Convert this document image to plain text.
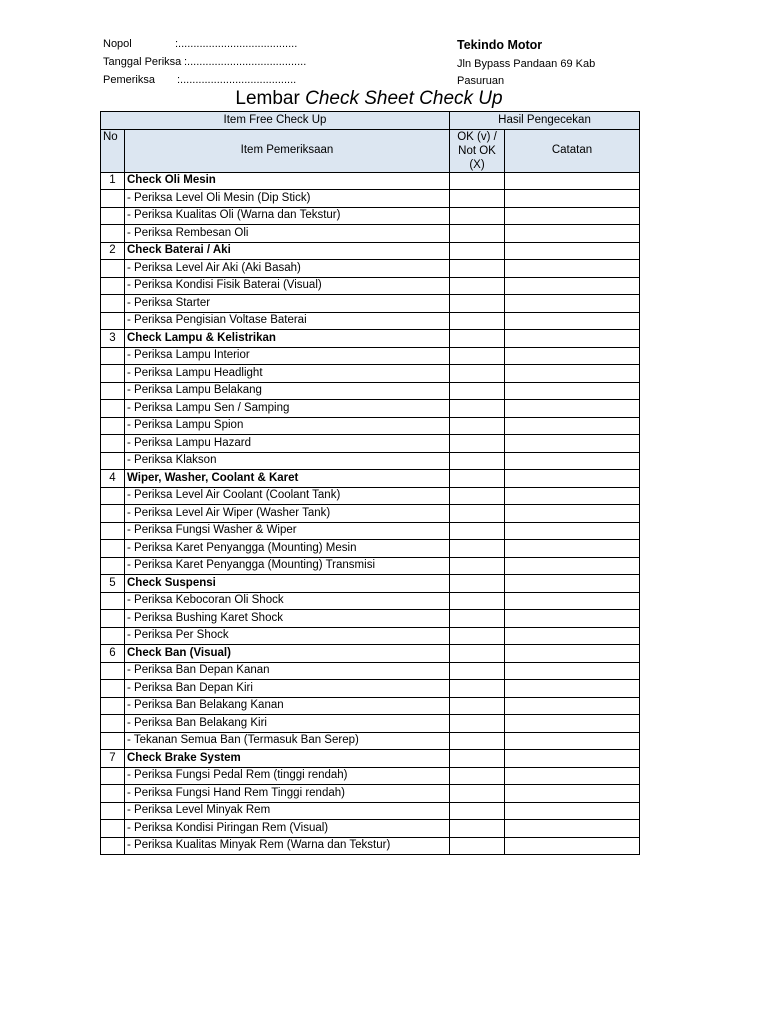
Nopol	:.......................................
Tanggal Periksa :.......................................
Pemeriksa :......................................
Tekindo Motor
Jln Bypass Pandaan 69 Kab
Pasuruan
Lembar Check Sheet Check Up
Item Free Check Up		Hasil Pengecekan	
No	Item Pemeriksaan	OK (v) / Not OK (X)	Catatan
1	Check Oli Mesin		
	- Periksa Level Oli Mesin (Dip Stick)		
	- Periksa Kualitas Oli (Warna dan Tekstur)		
	- Periksa Rembesan Oli		
2	Check Baterai / Aki		
	- Periksa Level Air Aki (Aki Basah)		
	- Periksa Kondisi Fisik Baterai (Visual)		
	- Periksa Starter		
	- Periksa Pengisian Voltase Baterai		
3	Check Lampu & Kelistrikan		
	- Periksa Lampu Interior		
	- Periksa Lampu Headlight		
	- Periksa Lampu Belakang		
	- Periksa Lampu Sen / Samping		
	- Periksa Lampu Spion		
	- Periksa Lampu Hazard		
	- Periksa Klakson		
4	Wiper, Washer, Coolant & Karet		
	- Periksa Level Air Coolant (Coolant Tank)		
	- Periksa Level Air Wiper (Washer Tank)		
	- Periksa Fungsi Washer & Wiper		
	- Periksa Karet Penyangga (Mounting) Mesin		
	- Periksa Karet Penyangga (Mounting) Transmisi		
5	Check Suspensi		
	- Periksa Kebocoran Oli Shock		
	- Periksa Bushing Karet Shock		
	- Periksa Per Shock		
6	Check Ban (Visual)		
	- Periksa Ban Depan Kanan		
	- Periksa Ban Depan Kiri		
	- Periksa Ban Belakang Kanan		
	- Periksa Ban Belakang Kiri		
	- Tekanan Semua Ban (Termasuk Ban Serep)		
7	Check Brake System		
	- Periksa Fungsi Pedal Rem (tinggi rendah)		
	- Periksa Fungsi Hand Rem Tinggi rendah)		
	- Periksa Level Minyak Rem		
	- Periksa Kondisi Piringan Rem (Visual)		
	- Periksa Kualitas Minyak Rem (Warna dan Tekstur)		
